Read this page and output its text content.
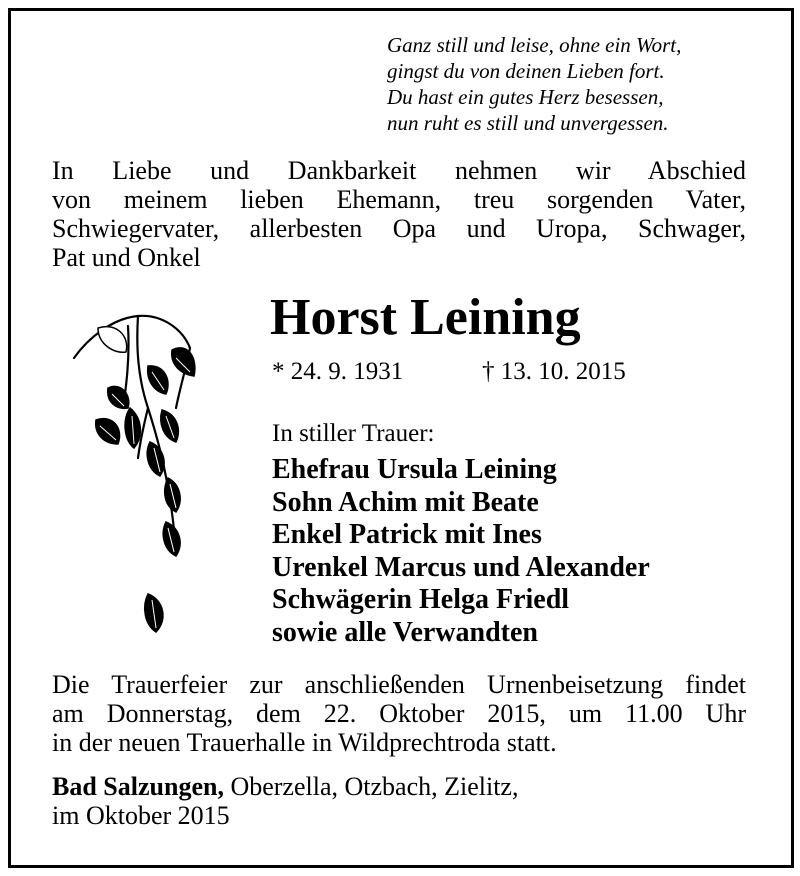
Ganz still und leise, ohne ein Wort,
gingst du von deinen Lieben fort.
Du hast ein gutes Herz besessen,
nun ruht es still und unvergessen.
In Liebe und Dankbarkeit nehmen wir Abschied
von meinem lieben Ehemann, treu sorgenden Vater,
Schwiegervater, allerbesten Opa und Uropa, Schwager,
Pat und Onkel
Horst Leining
* 24. 9. 1931	† 13. 10. 2015
In stiller Trauer:
Ehefrau Ursula Leining
Sohn Achim mit Beate
Enkel Patrick mit Ines
Urenkel Marcus und Alexander
Schwägerin Helga Friedl
sowie alle Verwandten
Die Trauerfeier zur anschließenden Urnenbeisetzung findet
am Donnerstag, dem 22. Oktober 2015, um 11.00 Uhr
in der neuen Trauerhalle in Wildprechtroda statt.
Bad Salzungen, Oberzella, Otzbach, Zielitz,
im Oktober 2015
